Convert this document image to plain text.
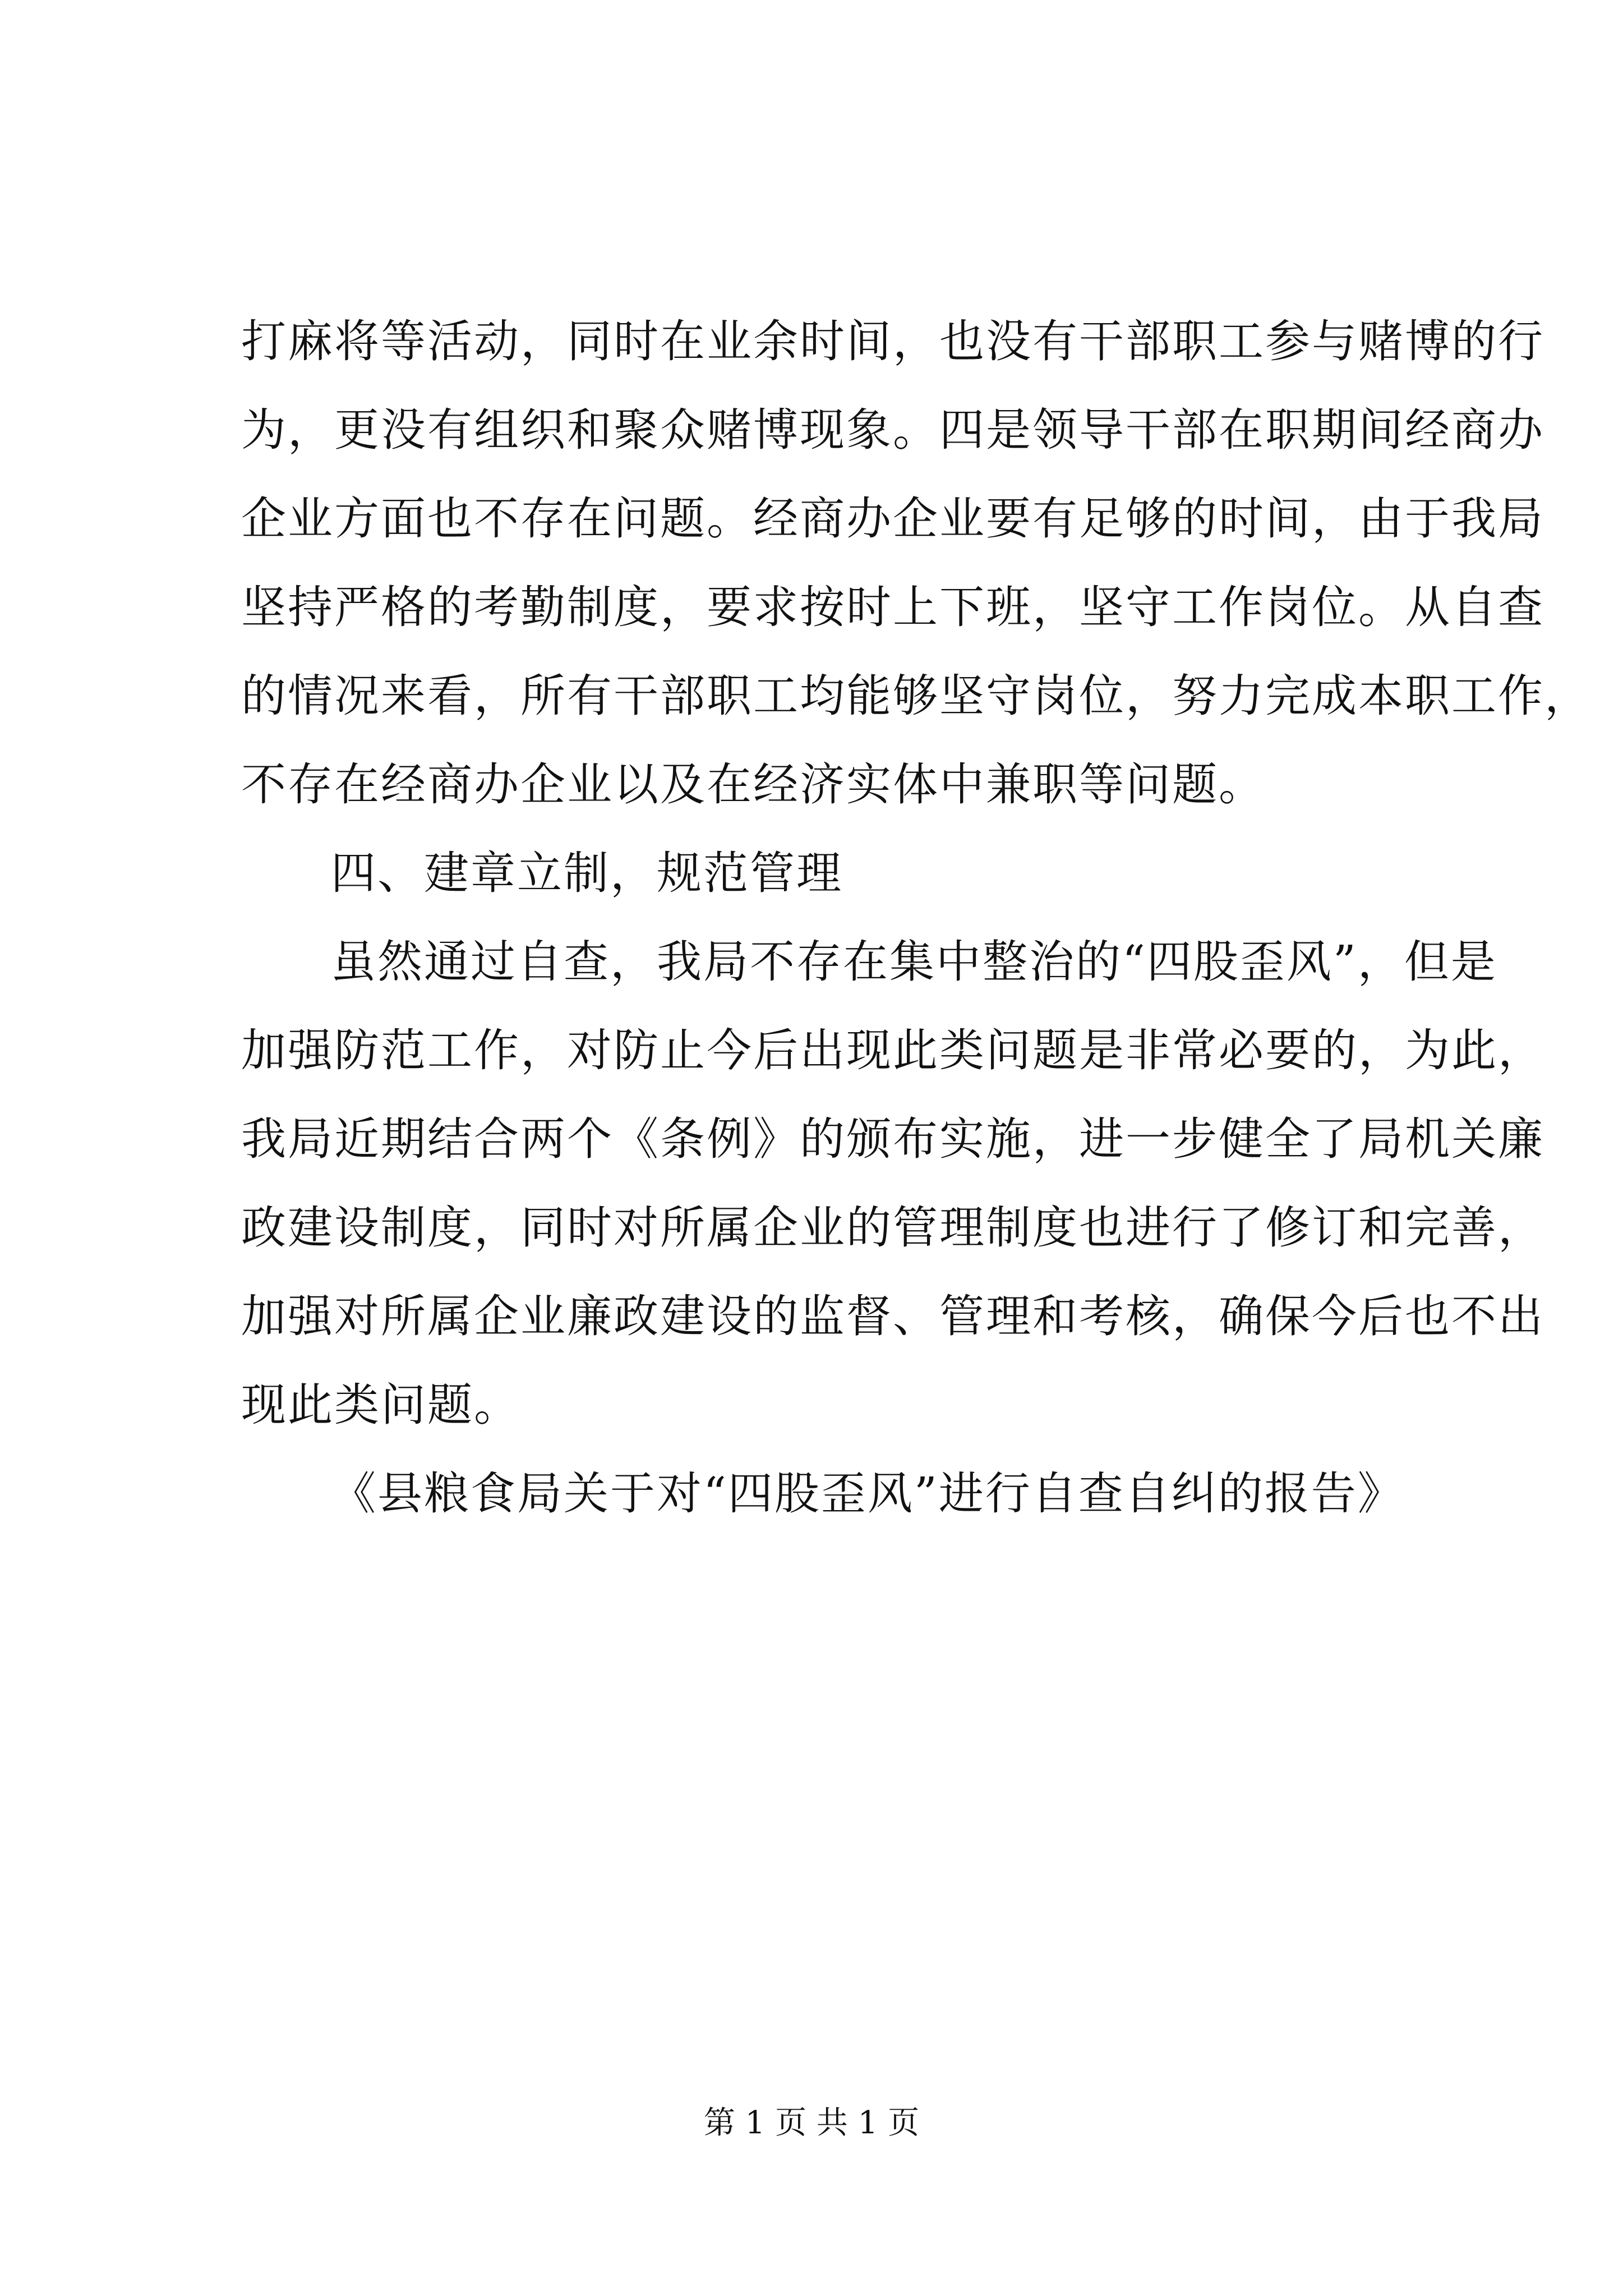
打麻将等活动，同时在业余时间，也没有干部职工参与赌博的行
为，更没有组织和聚众赌博现象。四是领导干部在职期间经商办
企业方面也不存在问题。经商办企业要有足够的时间，由于我局
坚持严格的考勤制度，要求按时上下班，坚守工作岗位。从自查
的情况来看，所有干部职工均能够坚守岗位，努力完成本职工作，
不存在经商办企业以及在经济实体中兼职等问题。
四、建章立制，规范管理
虽然通过自查，我局不存在集中整治的“四股歪风”，但是
加强防范工作，对防止今后出现此类问题是非常必要的，为此，
我局近期结合两个《条例》的颁布实施，进一步健全了局机关廉
政建设制度，同时对所属企业的管理制度也进行了修订和完善，
加强对所属企业廉政建设的监督、管理和考核，确保今后也不出
现此类问题。
《县粮食局关于对“四股歪风”进行自查自纠的报告》
第 1 页 共 1 页
